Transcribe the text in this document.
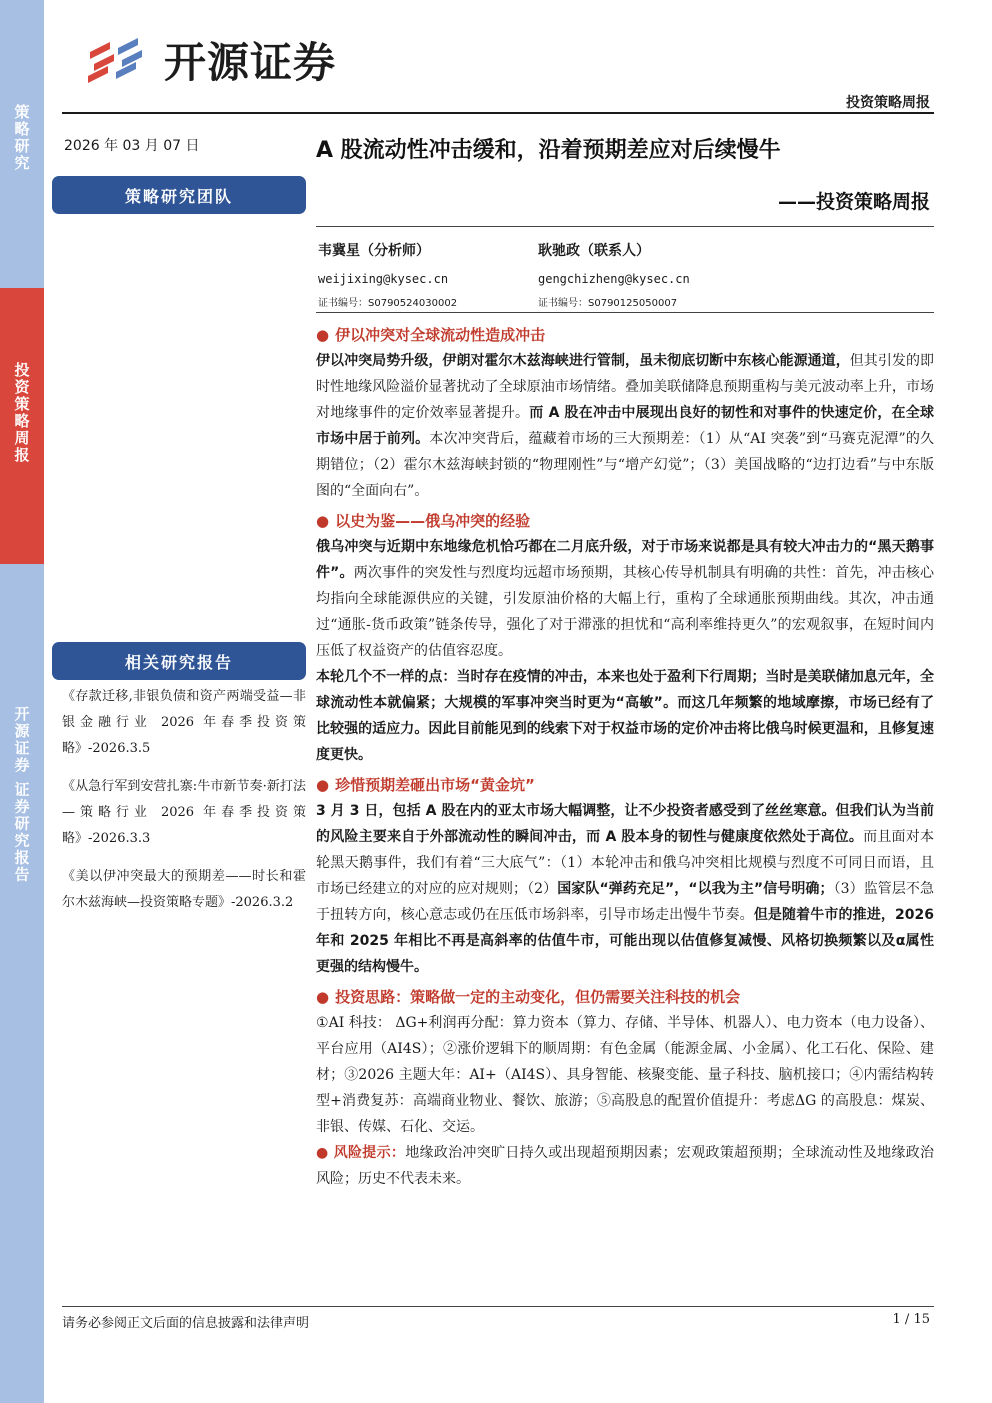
策略研究
投资策略周报
开源证券 证券研究报告
开源证券
投资策略周报
2026 年 03 月 07 日
策略研究团队
相关研究报告
《存款迁移,非银负债和资产两端受益—非银金融行业 2026 年春季投资策略》-2026.3.5
《从急行军到安营扎寨:牛市新节奏·新打法—策略行业 2026 年春季投资策略》-2026.3.3
《美以伊冲突最大的预期差——时长和霍尔木兹海峡—投资策略专题》-2026.3.2
A 股流动性冲击缓和，沿着预期差应对后续慢牛
——投资策略周报
韦冀星（分析师）
weijixing@kysec.cn
证书编号：S0790524030002
耿驰政（联系人）
gengchizheng@kysec.cn
证书编号：S0790125050007
● 伊以冲突对全球流动性造成冲击
伊以冲突局势升级，伊朗对霍尔木兹海峡进行管制，虽未彻底切断中东核心能源通道，但其引发的即时性地缘风险溢价显著扰动了全球原油市场情绪。叠加美联储降息预期重构与美元波动率上升，市场对地缘事件的定价效率显著提升。而 A 股在冲击中展现出良好的韧性和对事件的快速定价，在全球市场中居于前列。本次冲突背后，蕴藏着市场的三大预期差：（1）从“AI 突袭”到“马赛克泥潭”的久期错位；（2）霍尔木兹海峡封锁的“物理刚性”与“增产幻觉”；（3）美国战略的“边打边看”与中东版图的“全面向右”。
● 以史为鉴——俄乌冲突的经验
俄乌冲突与近期中东地缘危机恰巧都在二月底升级，对于市场来说都是具有较大冲击力的“黑天鹅事件”。两次事件的突发性与烈度均远超市场预期，其核心传导机制具有明确的共性：首先，冲击核心均指向全球能源供应的关键，引发原油价格的大幅上行，重构了全球通胀预期曲线。其次，冲击通过“通胀-货币政策”链条传导，强化了对于滞涨的担忧和“高利率维持更久”的宏观叙事，在短时间内压低了权益资产的估值容忍度。
本轮几个不一样的点：当时存在疫情的冲击，本来也处于盈利下行周期；当时是美联储加息元年，全球流动性本就偏紧；大规模的军事冲突当时更为“高敏”。而这几年频繁的地域摩擦，市场已经有了比较强的适应力。因此目前能见到的线索下对于权益市场的定价冲击将比俄乌时候更温和，且修复速度更快。
● 珍惜预期差砸出市场“黄金坑”
3 月 3 日，包括 A 股在内的亚太市场大幅调整，让不少投资者感受到了丝丝寒意。但我们认为当前的风险主要来自于外部流动性的瞬间冲击，而 A 股本身的韧性与健康度依然处于高位。而且面对本轮黑天鹅事件，我们有着“三大底气”：（1）本轮冲击和俄乌冲突相比规模与烈度不可同日而语，且市场已经建立的对应的应对规则；（2）国家队“弹药充足”，“以我为主”信号明确；（3）监管层不急于扭转方向，核心意志或仍在压低市场斜率，引导市场走出慢牛节奏。但是随着牛市的推进，2026 年和 2025 年相比不再是高斜率的估值牛市，可能出现以估值修复减慢、风格切换频繁以及α属性更强的结构慢牛。
● 投资思路：策略做一定的主动变化，但仍需要关注科技的机会
①AI 科技： ΔG+利润再分配：算力资本（算力、存储、半导体、机器人）、电力资本（电力设备）、平台应用（AI4S）；②涨价逻辑下的顺周期：有色金属（能源金属、小金属）、化工石化、保险、建材；③2026 主题大年：AI+（AI4S）、具身智能、核聚变能、量子科技、脑机接口；④内需结构转型+消费复苏：高端商业物业、餐饮、旅游；⑤高股息的配置价值提升：考虑ΔG 的高股息：煤炭、非银、传媒、石化、交运。
● 风险提示：地缘政治冲突旷日持久或出现超预期因素；宏观政策超预期；全球流动性及地缘政治风险；历史不代表未来。
请务必参阅正文后面的信息披露和法律声明	1 / 15
